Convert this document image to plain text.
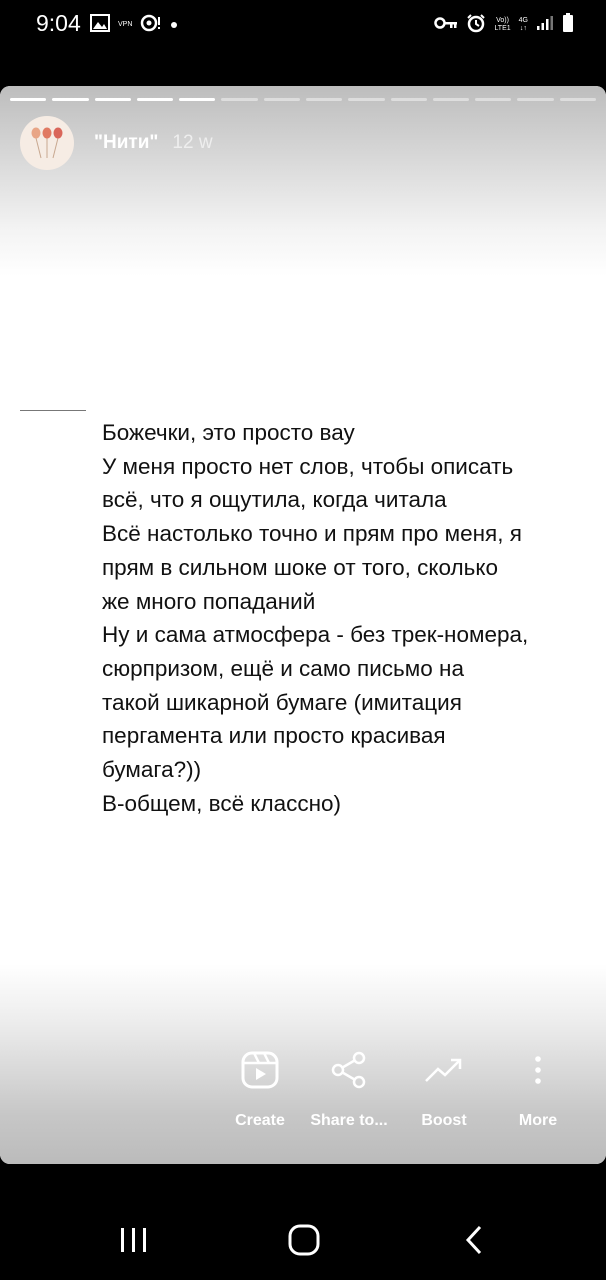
9:04	VPN
Vo))
LTE1
4G
↓↑
"Нити" 12 w
Божечки, это просто вау
У меня просто нет слов, чтобы описать
всё, что я ощутила, когда читала
Всё настолько точно и прям про меня, я
прям в сильном шоке от того, сколько
же много попаданий
Ну и сама атмосфера - без трек-номера,
сюрпризом, ещё и само письмо на
такой шикарной бумаге (имитация
пергамента или просто красивая
бумага?))
В-общем, всё классно)
Create Share to... Boost	More
